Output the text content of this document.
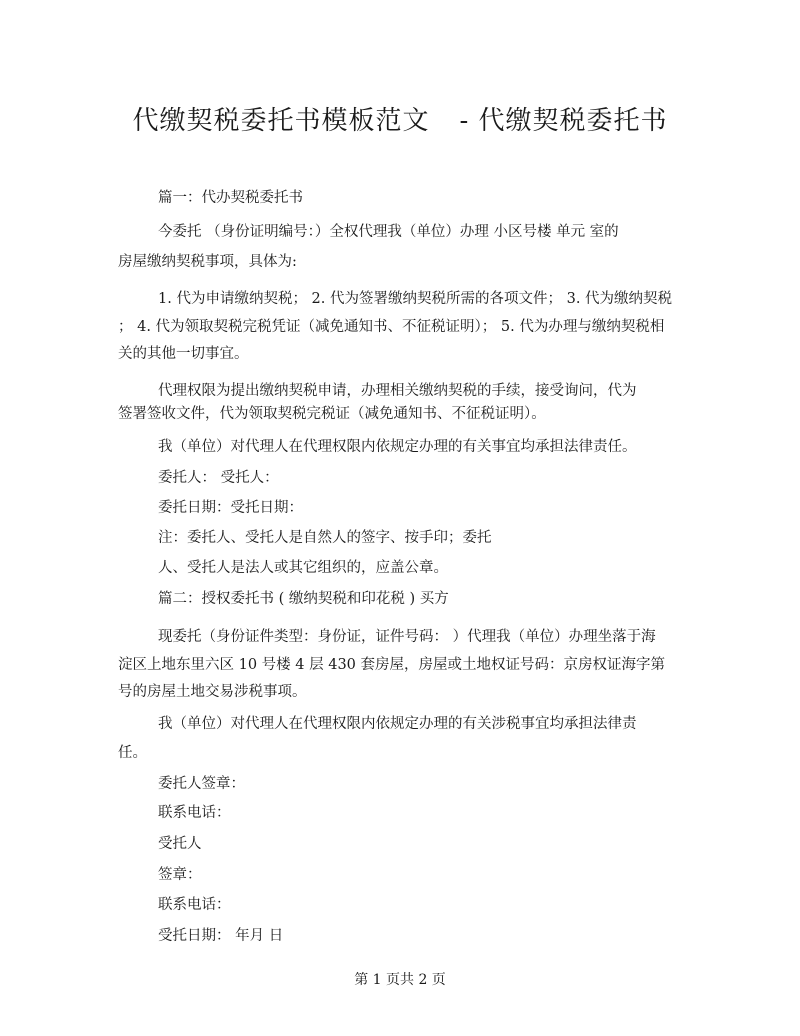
代缴契税委托书模板范文 - 代缴契税委托书
篇一：代办契税委托书
今委托 （身份证明编号：）全权代理我（单位）办理 小区号楼 单元 室的
房屋缴纳契税事项，具体为:
1. 代为申请缴纳契税； 2. 代为签署缴纳契税所需的各项文件； 3. 代为缴纳契税
； 4. 代为领取契税完税凭证（减免通知书、不征税证明）； 5. 代为办理与缴纳契税相
关的其他一切事宜。
代理权限为提出缴纳契税申请，办理相关缴纳契税的手续，接受询问，代为
签署签收文件，代为领取契税完税证（减免通知书、不征税证明）。
我（单位）对代理人在代理权限内依规定办理的有关事宜均承担法律责任。
委托人： 受托人：
委托日期：受托日期：
注：委托人、受托人是自然人的签字、按手印；委托
人、受托人是法人或其它组织的，应盖公章。
篇二：授权委托书 ( 缴纳契税和印花税 ) 买方
现委托（身份证件类型：身份证，证件号码： ）代理我（单位）办理坐落于海
淀区上地东里六区 10 号楼 4 层 430 套房屋，房屋或土地权证号码：京房权证海字第
号的房屋土地交易涉税事项。
我（单位）对代理人在代理权限内依规定办理的有关涉税事宜均承担法律责
任。
委托人签章：
联系电话：
受托人
签章：
联系电话：
受托日期： 年月 日
第 1 页共 2 页
